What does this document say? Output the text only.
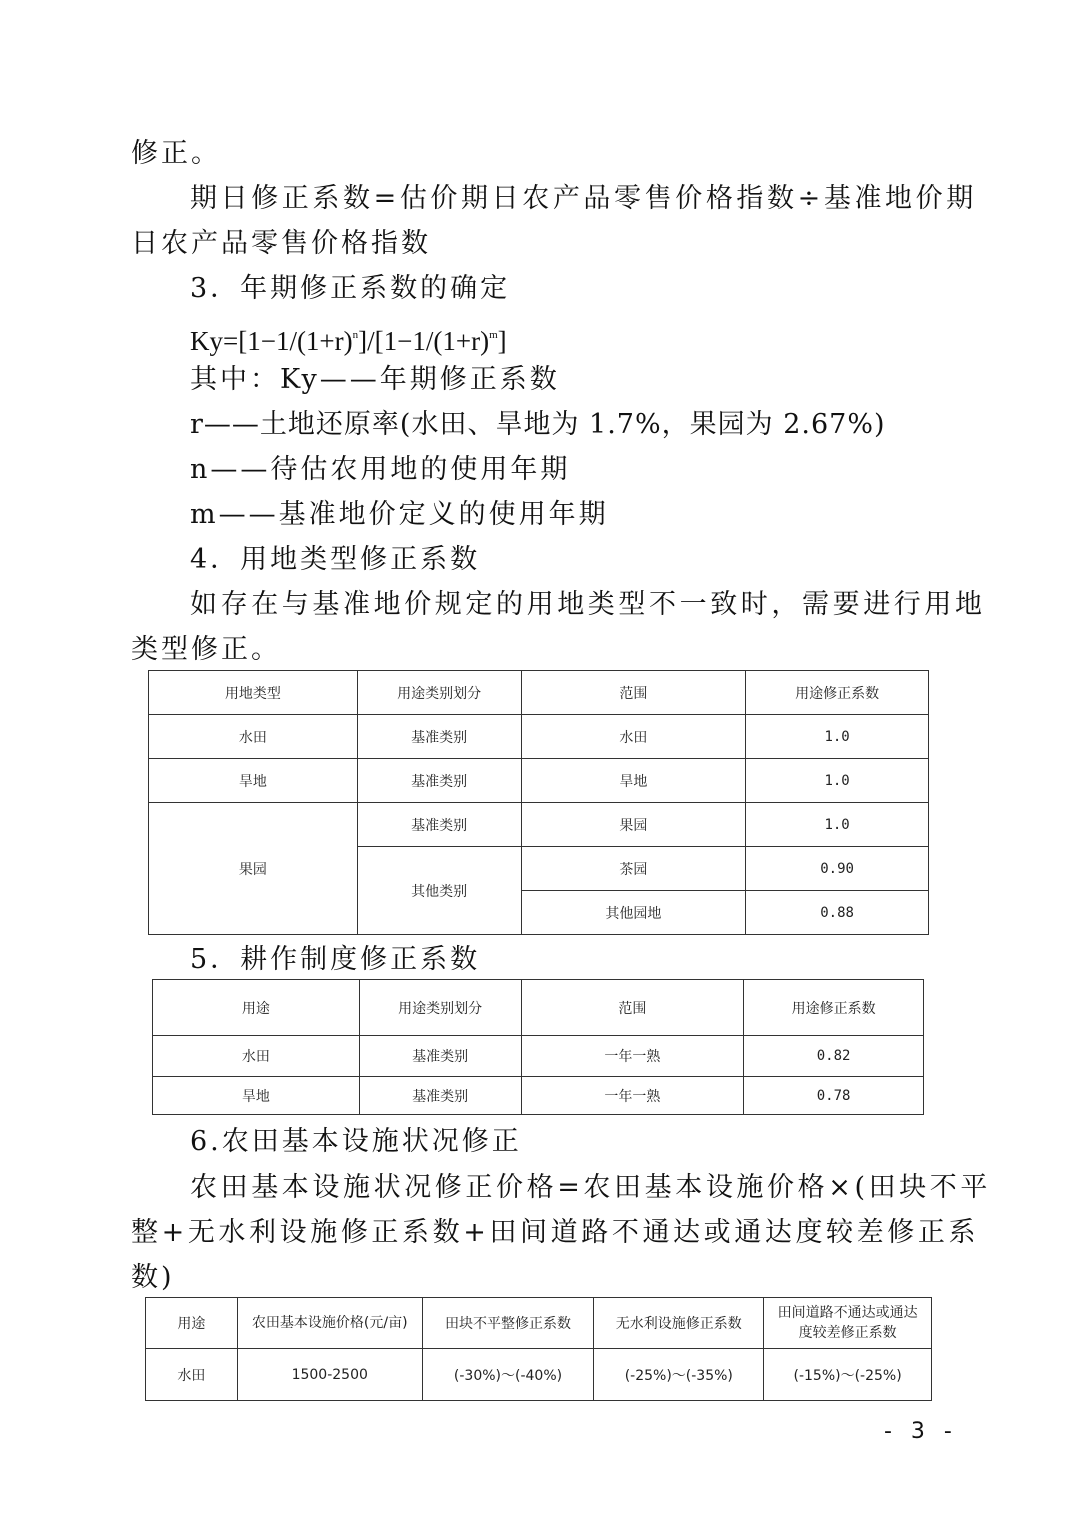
修正。
期日修正系数=估价期日农产品零售价格指数÷基准地价期
日农产品零售价格指数
3．年期修正系数的确定
$Ky=[1-1/(1+r)^n]/[1-1/(1+r)^m]$
其中：Ky——年期修正系数
r——土地还原率(水田、旱地为 1.7%，果园为 2.67%)
n——待估农用地的使用年期
m——基准地价定义的使用年期
4．用地类型修正系数
如存在与基准地价规定的用地类型不一致时，需要进行用地
类型修正。
用地类型	用途类别划分	范围	用途修正系数
水田	基准类别	水田	1.0
旱地	基准类别	旱地	1.0
果园	基准类别	果园	1.0
	其他类别	茶园	0.90
		其他园地	0.88
5．耕作制度修正系数
用途	用途类别划分	范围	用途修正系数
水田	基准类别	一年一熟	0.82
旱地	基准类别	一年一熟	0.78
6.农田基本设施状况修正
农田基本设施状况修正价格=农田基本设施价格×(田块不平
整+无水利设施修正系数+田间道路不通达或通达度较差修正系
数)
用途	农田基本设施价格(元/亩)	田块不平整修正系数	无水利设施修正系数	田间道路不通达或通达度较差修正系数
水田	1500-2500	(-30%)～(-40%)	(-25%)～(-35%)	(-15%)～(-25%)
- 3 -
